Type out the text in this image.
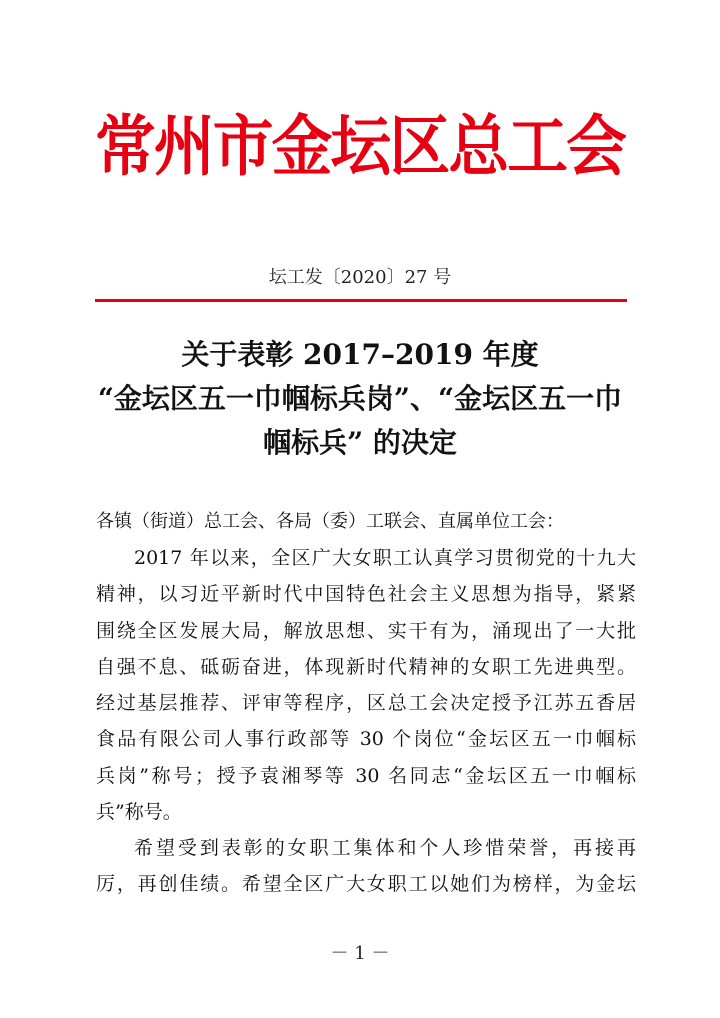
常州市金坛区总工会
坛工发〔2020〕27 号
关于表彰 2017–2019 年度
“金坛区五一巾帼标兵岗”、“金坛区五一巾
帼标兵” 的决定
各镇（街道）总工会、各局（委）工联会、直属单位工会：
2017 年以来，全区广大女职工认真学习贯彻党的十九大
精神，以习近平新时代中国特色社会主义思想为指导，紧紧
围绕全区发展大局，解放思想、实干有为，涌现出了一大批
自强不息、砥砺奋进，体现新时代精神的女职工先进典型。
经过基层推荐、评审等程序，区总工会决定授予江苏五香居
食品有限公司人事行政部等 30 个岗位“金坛区五一巾帼标
兵岗”称号；授予袁湘琴等 30 名同志“金坛区五一巾帼标
兵”称号。
希望受到表彰的女职工集体和个人珍惜荣誉，再接再
厉，再创佳绩。希望全区广大女职工以她们为榜样，为金坛
－ 1 －
